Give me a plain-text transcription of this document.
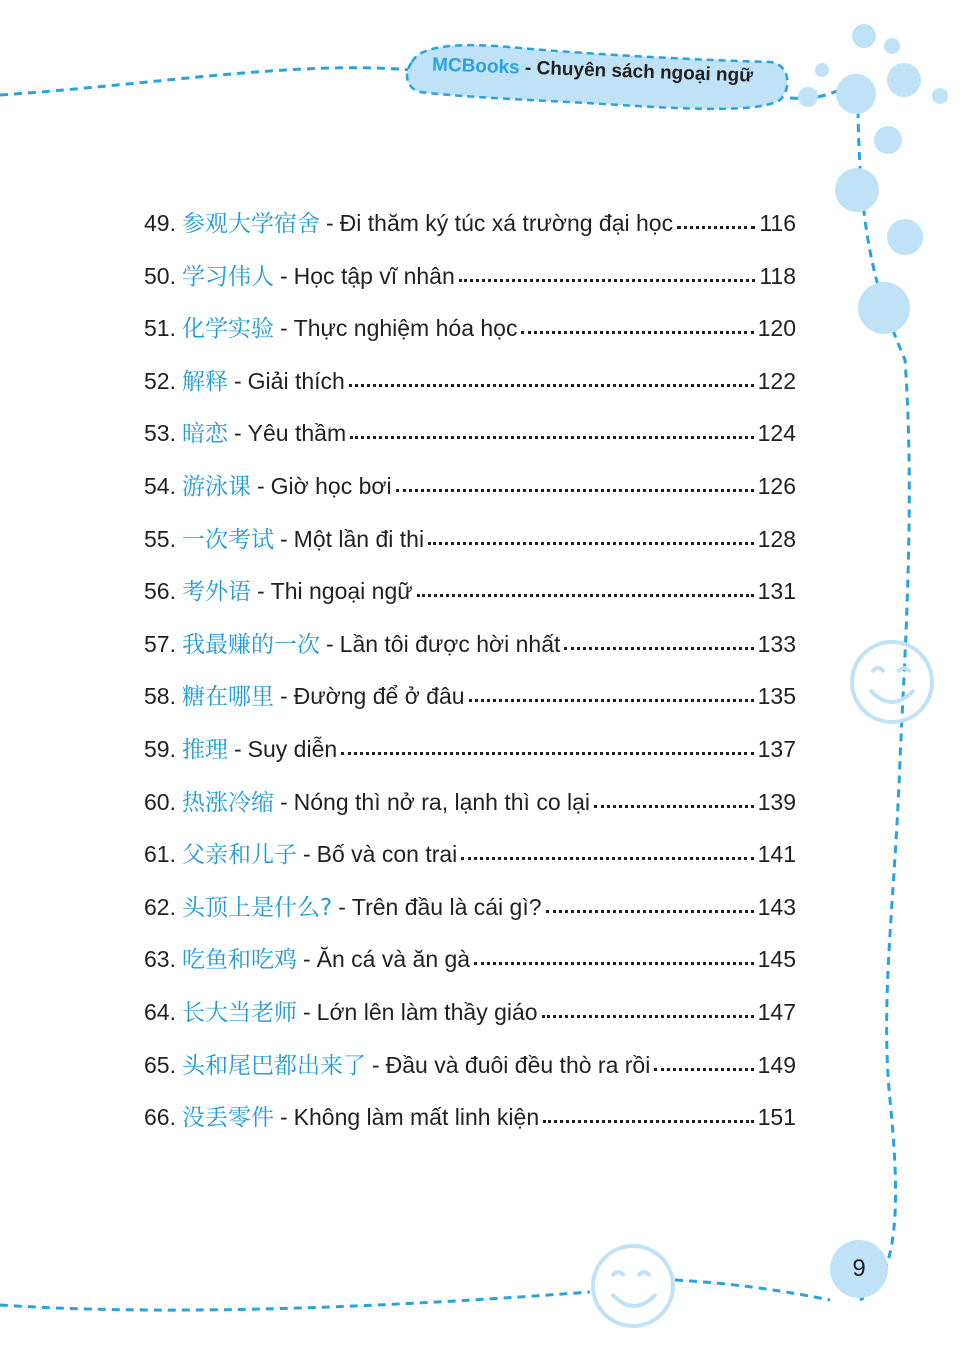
MCBooks - Chuyên sách ngoại ngữ
49. 参观大学宿舍 - Đi thăm ký túc xá trường đại học	116
50. 学习伟人 - Học tập vĩ nhân	118
51. 化学实验 - Thực nghiệm hóa học	120
52. 解释 - Giải thích	122
53. 暗恋 - Yêu thầm	124
54. 游泳课 - Giờ học bơi	126
55. 一次考试 - Một lần đi thi	128
56. 考外语 - Thi ngoại ngữ	131
57. 我最赚的一次 - Lần tôi được hời nhất	133
58. 糖在哪里 - Đường để ở đâu	135
59. 推理 - Suy diễn	137
60. 热涨冷缩 - Nóng thì nở ra, lạnh thì co lại	139
61. 父亲和儿子 - Bố và con trai	141
62. 头顶上是什么? - Trên đầu là cái gì?	143
63. 吃鱼和吃鸡 - Ăn cá và ăn gà	145
64. 长大当老师 - Lớn lên làm thầy giáo	147
65. 头和尾巴都出来了 - Đầu và đuôi đều thò ra rồi	149
66. 没丢零件 - Không làm mất linh kiện	151
9
